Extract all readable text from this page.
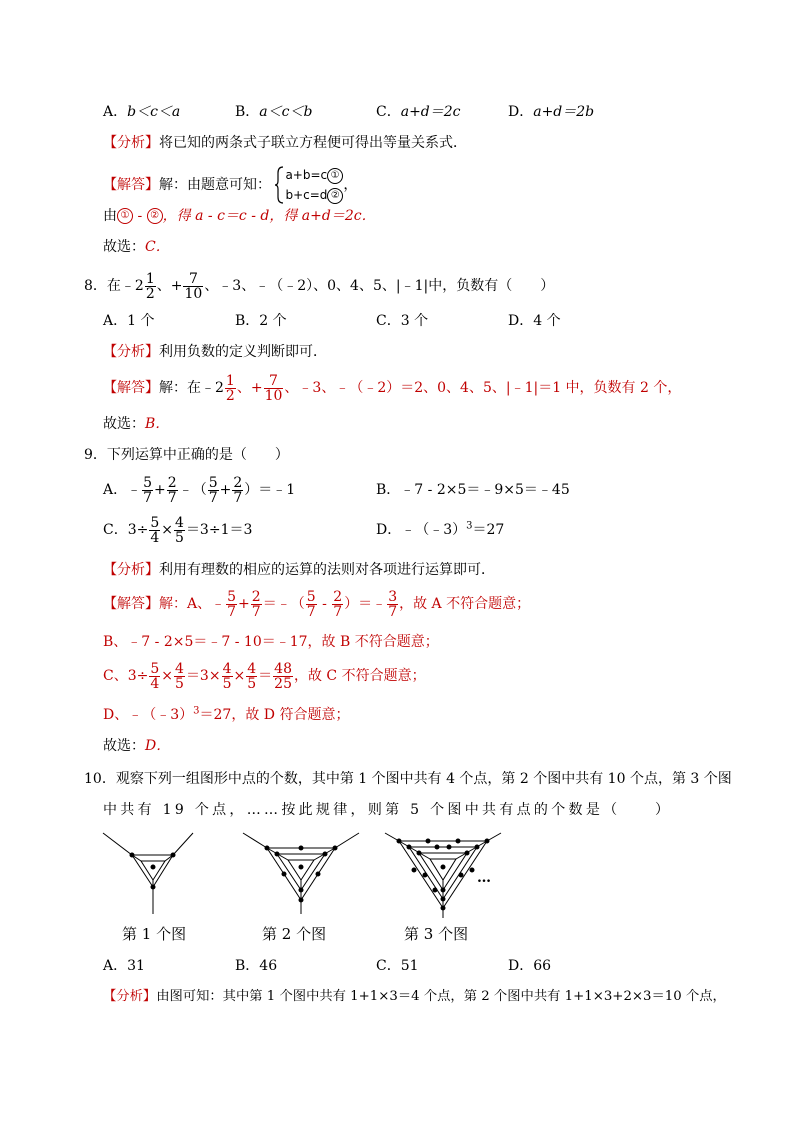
A．b＜c＜a	B．a＜c＜b	C．a+d＝2c	D．a+d＝2b
【分析】将已知的两条式子联立方程便可得出等量关系式．
【解答】解：由题意可知：
a+b=c ①
b+c=d ②
，
由 ① - ② ，得 a - c＝c - d，得 a+d＝2c．
故选：C．
8．在﹣2 $\frac{1}{2}$ 、+ $\frac{7}{10}$ 、﹣3、﹣（﹣2）、0、4、5、|﹣1|中，负数有（　　）
A．1 个	B．2 个	C．3 个	D．4 个
【分析】利用负数的定义判断即可．
【解答】解：在﹣2 $\frac{1}{2}$ 、+ $\frac{7}{10}$ 、﹣3、﹣（﹣2）＝2、0、4、5、|﹣1|＝1 中，负数有 2 个，
故选：B．
9．下列运算中正确的是（　　）
A．﹣ $\frac{5}{7} + \frac{2}{7}$ ﹣（ $\frac{5}{7} + \frac{2}{7}$ ）＝﹣1	B．﹣7 - 2×5＝﹣9×5＝﹣45
C．$3\div \frac{5}{4} \times \frac{4}{5} =3\div 1=3$	D．﹣（﹣3）$^3$＝27
【分析】利用有理数的相应的运算的法则对各项进行运算即可．
【解答】解：A、﹣ $\frac{5}{7} + \frac{2}{7}$ ＝﹣（ $\frac{5}{7} - \frac{2}{7}$ ）＝﹣ $\frac{3}{7}$ ，故 A 不符合题意；
B、﹣7 - 2×5＝﹣7 - 10＝﹣17，故 B 不符合题意；
C、$3\div \frac{5}{4} \times \frac{4}{5} =3\times \frac{4}{5} \times \frac{4}{5} = \frac{48}{25}$ ，故 C 不符合题意；
D、﹣（﹣3）$^3$＝27，故 D 符合题意；
故选：D．
10．观察下列一组图形中点的个数，其中第 1 个图中共有 4 个点，第 2 个图中共有 10 个点，第 3 个图
中共有 19 个点，……按此规律，则第 5 个图中共有点的个数是（　　）
…
第 1 个图	第 2 个图	第 3 个图
A．31	B．46	C．51	D．66
【分析】由图可知：其中第 1 个图中共有 1+1×3＝4 个点，第 2 个图中共有 1+1×3+2×3＝10 个点，
